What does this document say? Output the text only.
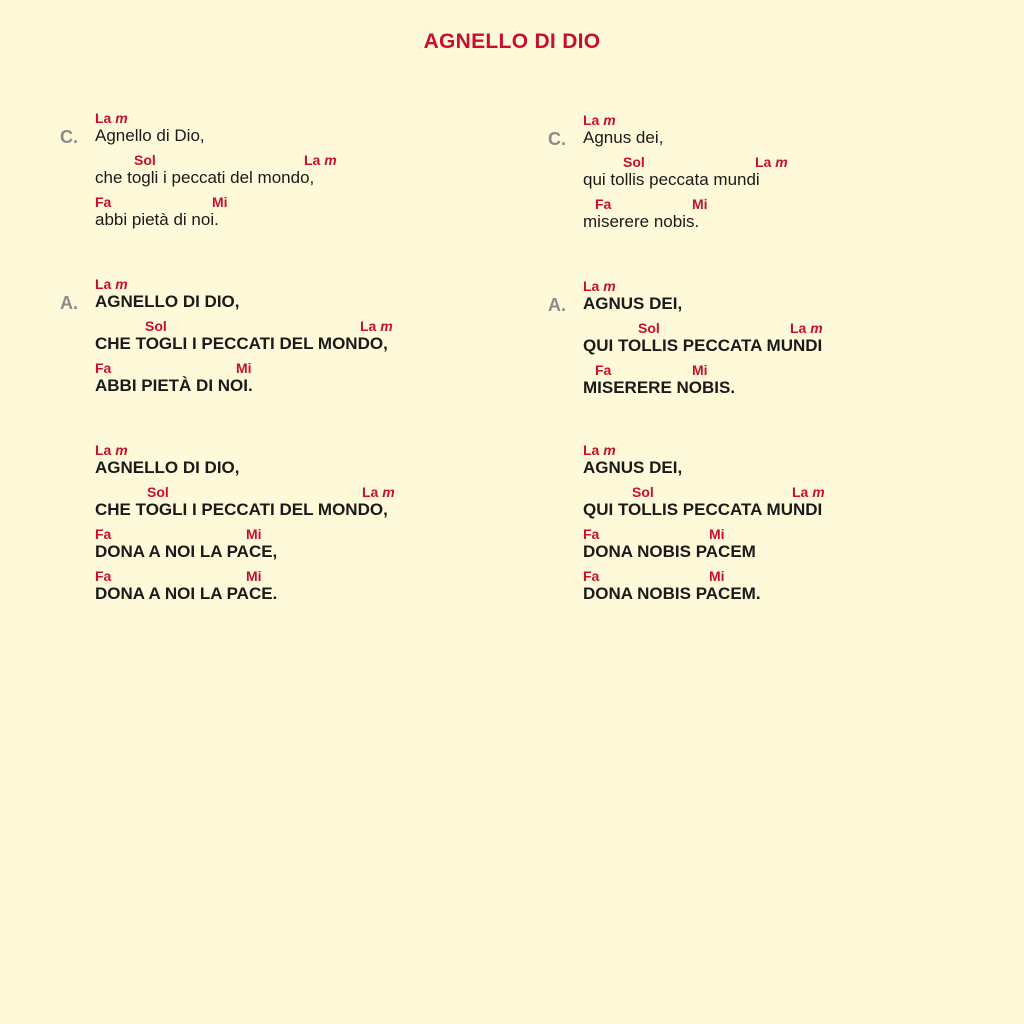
AGNELLO DI DIO
C.
La m
Agnello di Dio,
Sol	La m
che togli i peccati del mondo,
Fa	Mi
abbi pietà di noi.
A.
La m
AGNELLO DI DIO,
Sol	La m
CHE TOGLI I PECCATI DEL MONDO,
Fa	Mi
ABBI PIETÀ DI NOI.
La m
AGNELLO DI DIO,
Sol	La m
CHE TOGLI I PECCATI DEL MONDO,
Fa	Mi
DONA A NOI LA PACE,
Fa	Mi
DONA A NOI LA PACE.
C.
La m
Agnus dei,
Sol	La m
qui tollis peccata mundi
Fa	Mi
miserere nobis.
A.
La m
AGNUS DEI,
Sol	La m
QUI TOLLIS PECCATA MUNDI
Fa	Mi
MISERERE NOBIS.
La m
AGNUS DEI,
Sol	La m
QUI TOLLIS PECCATA MUNDI
Fa	Mi
DONA NOBIS PACEM
Fa	Mi
DONA NOBIS PACEM.
